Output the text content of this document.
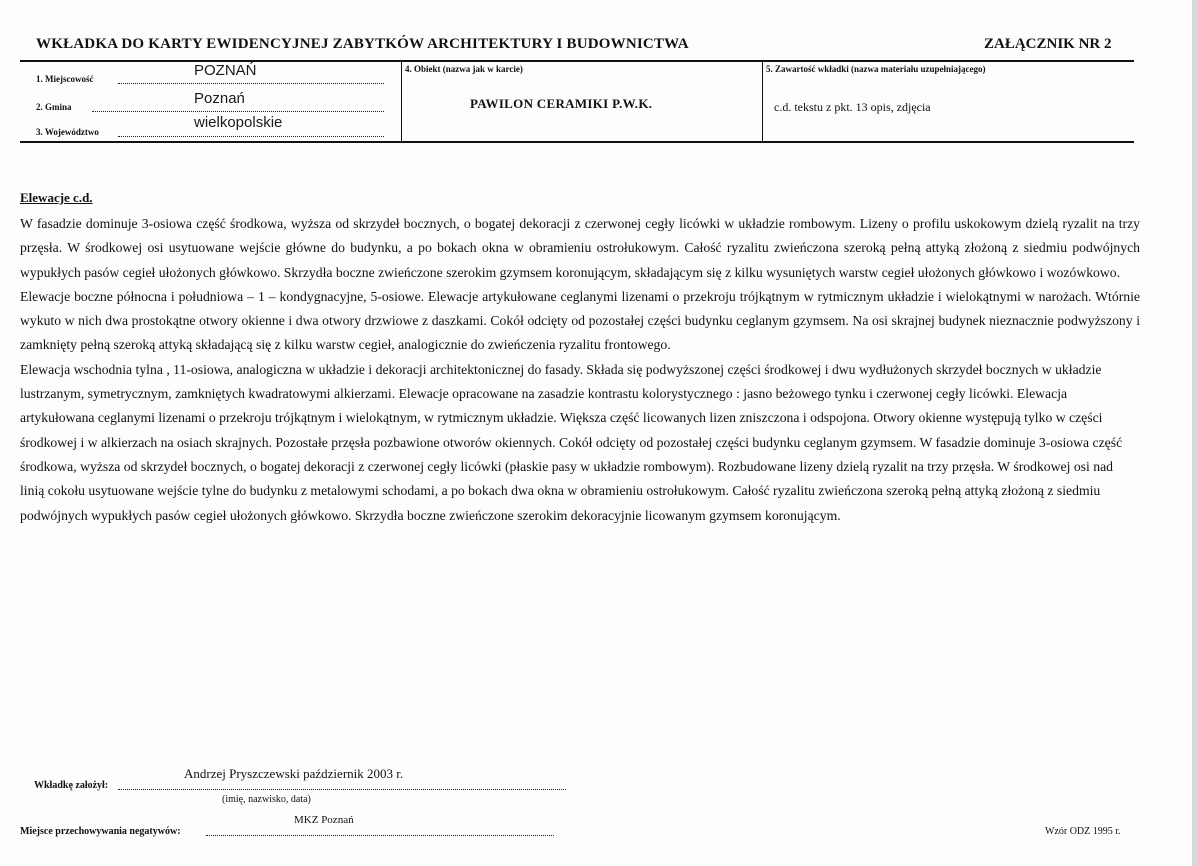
WKŁADKA DO KARTY EWIDENCYJNEJ ZABYTKÓW ARCHITEKTURY I BUDOWNICTWA	ZAŁĄCZNIK NR 2
1. Miejscowość	POZNAŃ
2. Gmina	Poznań
3. Województwo
wielkopolskie
4. Obiekt (nazwa jak w karcie)
PAWILON CERAMIKI P.W.K.
5. Zawartość wkładki (nazwa materiału uzupełniającego)
c.d. tekstu z pkt. 13 opis, zdjęcia
Elewacje c.d.

W fasadzie dominuje 3-osiowa część środkowa, wyższa od skrzydeł bocznych, o bogatej dekoracji z czerwonej cegły licówki w układzie rombowym. Lizeny o profilu uskokowym dzielą ryzalit na trzy przęsła. W środkowej osi usytuowane wejście główne do budynku, a po bokach okna w obramieniu ostrołukowym. Całość ryzalitu zwieńczona szeroką pełną attyką złożoną z siedmiu podwójnych wypukłych pasów cegieł ułożonych główkowo. Skrzydła boczne zwieńczone szerokim gzymsem koronującym, składającym się z kilku wysuniętych warstw cegieł ułożonych główkowo i wozówkowo.

Elewacje boczne północna i południowa – 1 – kondygnacyjne, 5-osiowe. Elewacje artykułowane ceglanymi lizenami o przekroju trójkątnym w rytmicznym układzie i wielokątnymi w narożach. Wtórnie wykuto w nich dwa prostokątne otwory okienne i dwa otwory drzwiowe z daszkami. Cokół odcięty od pozostałej części budynku ceglanym gzymsem. Na osi skrajnej budynek nieznacznie podwyższony i zamknięty pełną szeroką attyką składającą się z kilku warstw cegieł, analogicznie do zwieńczenia ryzalitu frontowego.

Elewacja wschodnia tylna , 11-osiowa, analogiczna w układzie i dekoracji architektonicznej do fasady. Składa się podwyższonej części środkowej i dwu wydłużonych skrzydeł bocznych w układzie lustrzanym, symetrycznym, zamkniętych kwadratowymi alkierzami. Elewacje opracowane na zasadzie kontrastu kolorystycznego : jasno beżowego tynku i czerwonej cegły licówki. Elewacja artykułowana ceglanymi lizenami o przekroju trójkątnym i wielokątnym, w rytmicznym układzie. Większa część licowanych lizen zniszczona i odspojona. Otwory okienne występują tylko w części środkowej i w alkierzach na osiach skrajnych. Pozostałe przęsła pozbawione otworów okiennych. Cokół odcięty od pozostałej części budynku ceglanym gzymsem. W fasadzie dominuje 3-osiowa część środkowa, wyższa od skrzydeł bocznych, o bogatej dekoracji z czerwonej cegły licówki (płaskie pasy w układzie rombowym). Rozbudowane lizeny dzielą ryzalit na trzy przęsła. W środkowej osi nad linią cokołu usytuowane wejście tylne do budynku z metalowymi schodami, a po bokach dwa okna w obramieniu ostrołukowym. Całość ryzalitu zwieńczona szeroką pełną attyką złożoną z siedmiu podwójnych wypukłych pasów cegieł ułożonych główkowo. Skrzydła boczne zwieńczone szerokim dekoracyjnie licowanym gzymsem koronującym.

Wkładkę założył:
Andrzej Pryszczewski październik 2003 r.
(imię, nazwisko, data)
Miejsce przechowywania negatywów:
MKZ Poznań
Wzór ODZ 1995 r.
